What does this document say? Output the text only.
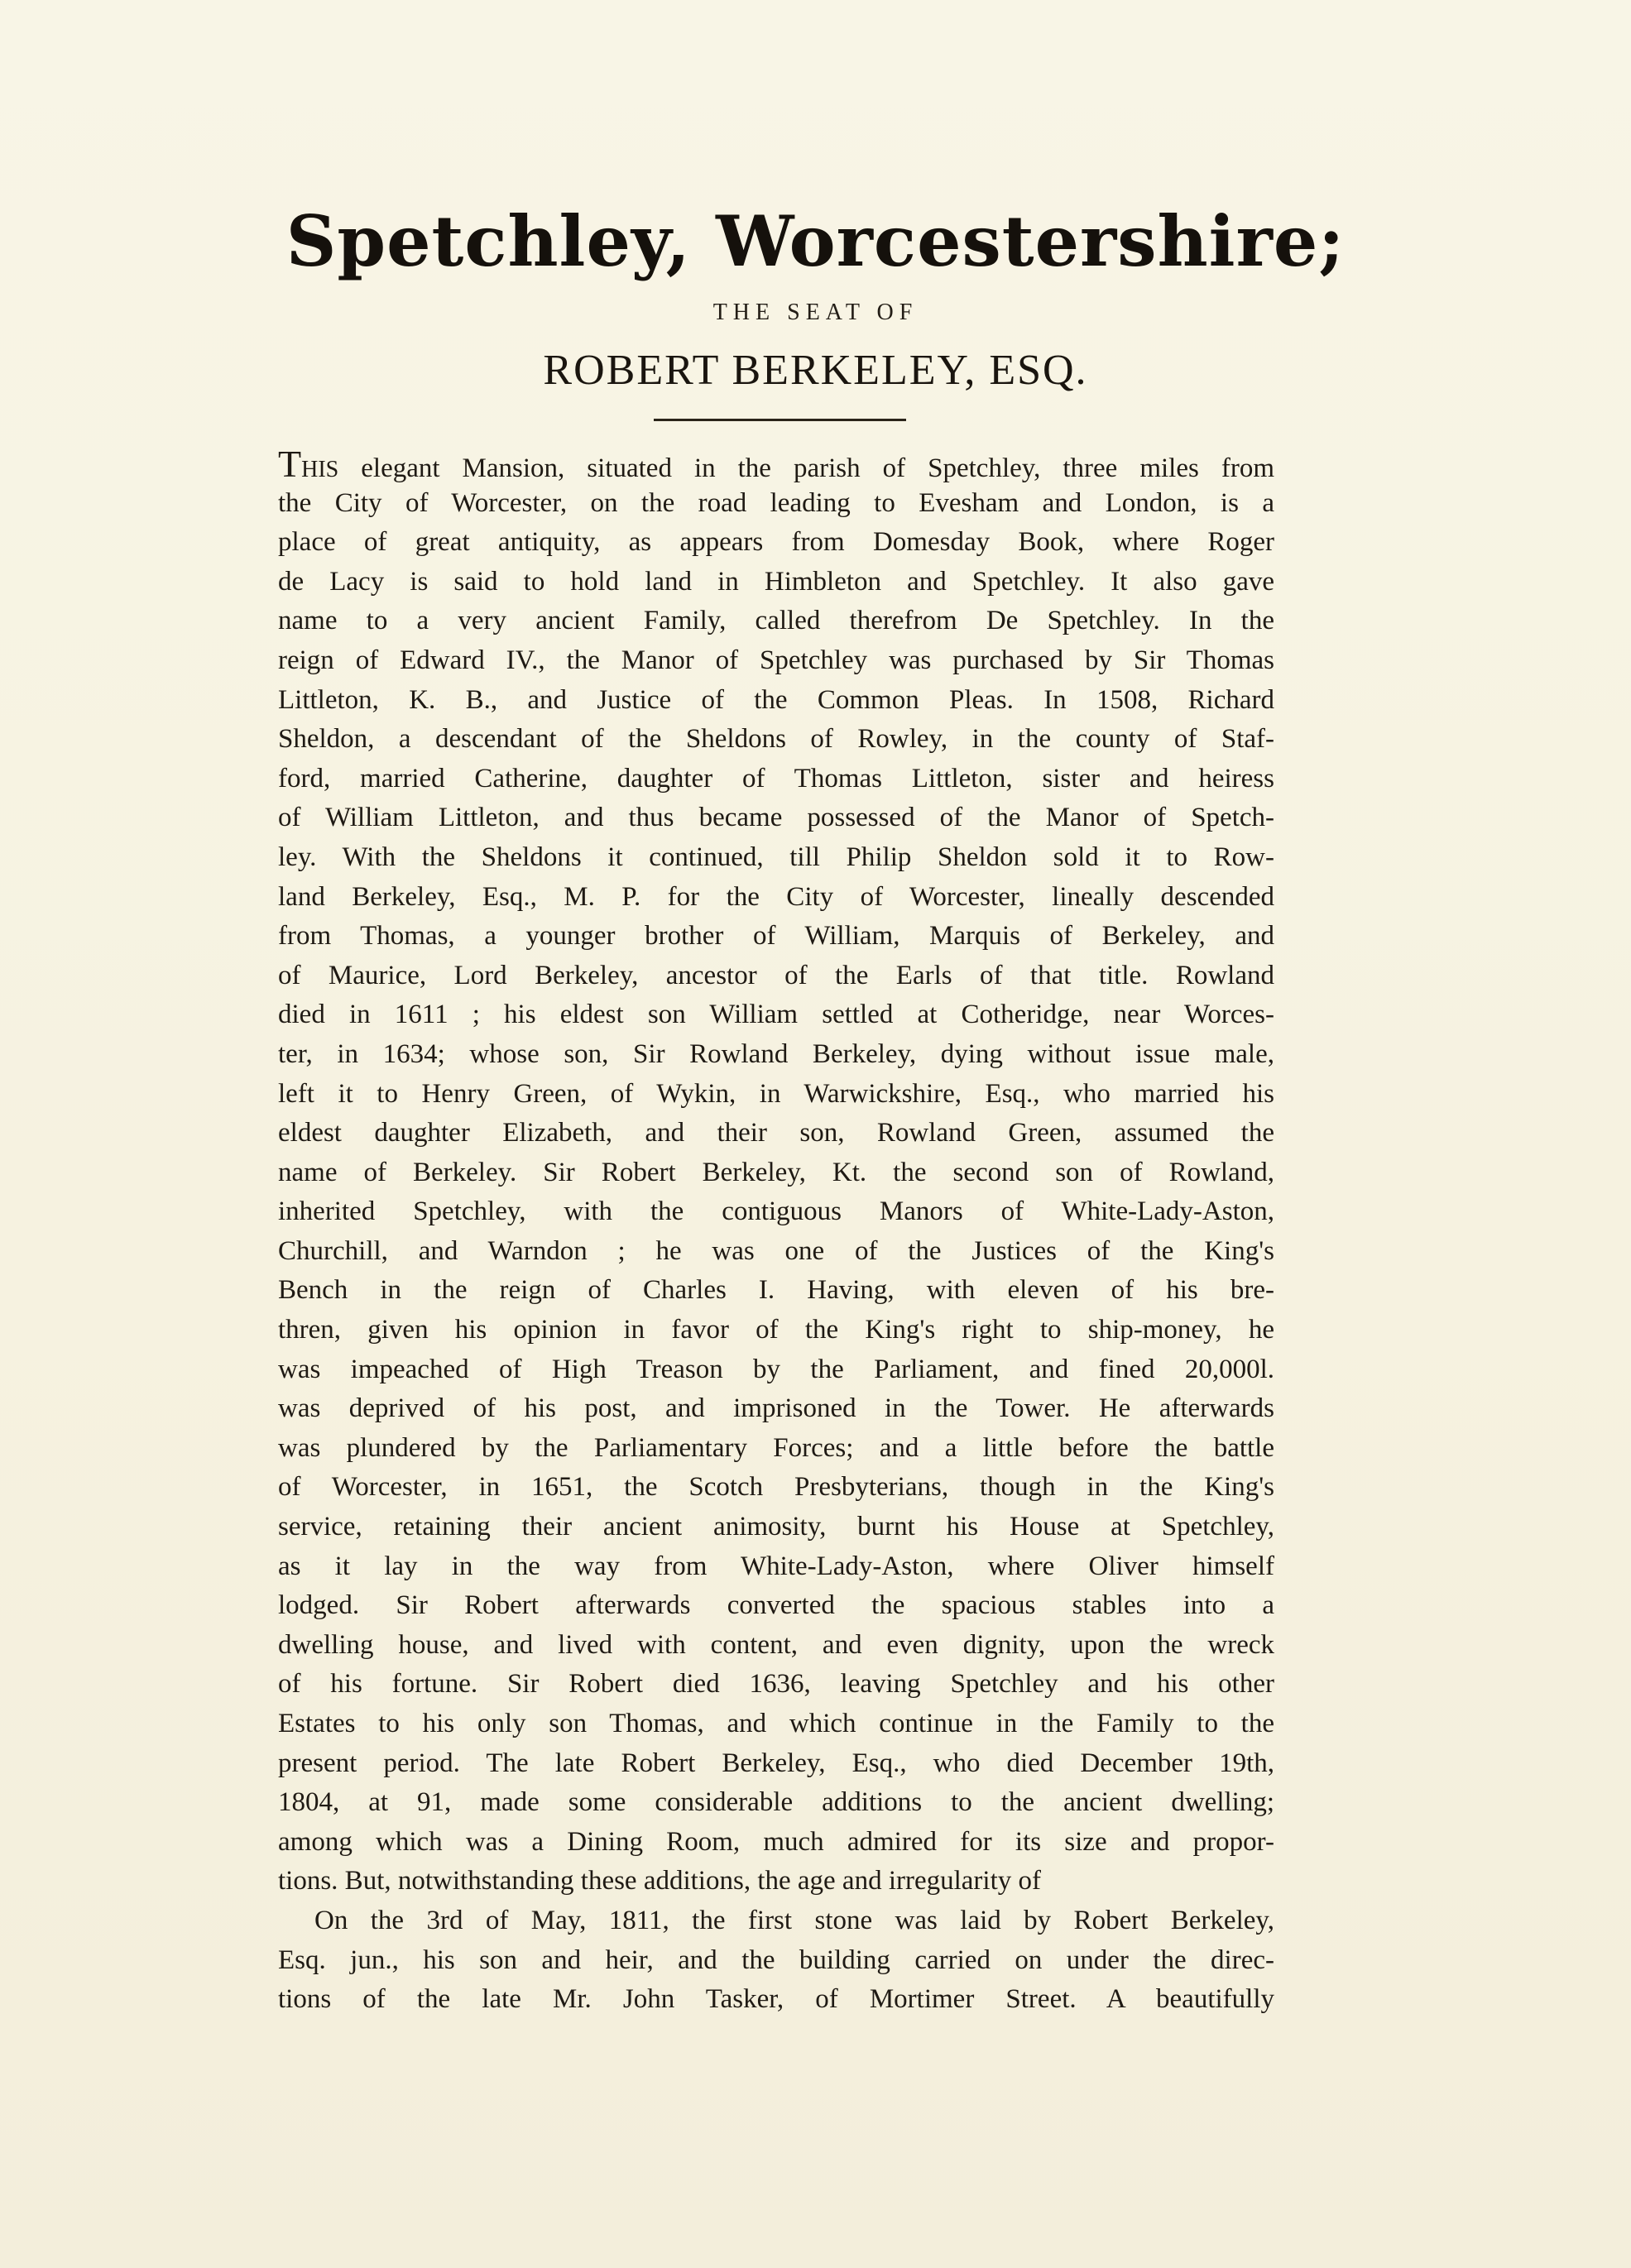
Spetchley, Worcestershire;
THE SEAT OF
ROBERT BERKELEY, ESQ.
THIS elegant Mansion, situated in the parish of Spetchley, three miles from
the City of Worcester, on the road leading to Evesham and London, is a
place of great antiquity, as appears from Domesday Book, where Roger
de Lacy is said to hold land in Himbleton and Spetchley. It also gave
name to a very ancient Family, called therefrom De Spetchley. In the
reign of Edward IV., the Manor of Spetchley was purchased by Sir Thomas
Littleton, K. B., and Justice of the Common Pleas. In 1508, Richard
Sheldon, a descendant of the Sheldons of Rowley, in the county of Staf-
ford, married Catherine, daughter of Thomas Littleton, sister and heiress
of William Littleton, and thus became possessed of the Manor of Spetch-
ley. With the Sheldons it continued, till Philip Sheldon sold it to Row-
land Berkeley, Esq., M. P. for the City of Worcester, lineally descended
from Thomas, a younger brother of William, Marquis of Berkeley, and
of Maurice, Lord Berkeley, ancestor of the Earls of that title. Rowland
died in 1611 ; his eldest son William settled at Cotheridge, near Worces-
ter, in 1634; whose son, Sir Rowland Berkeley, dying without issue male,
left it to Henry Green, of Wykin, in Warwickshire, Esq., who married his
eldest daughter Elizabeth, and their son, Rowland Green, assumed the
name of Berkeley. Sir Robert Berkeley, Kt. the second son of Rowland,
inherited Spetchley, with the contiguous Manors of White-Lady-Aston,
Churchill, and Warndon ; he was one of the Justices of the King's
Bench in the reign of Charles I. Having, with eleven of his bre-
thren, given his opinion in favor of the King's right to ship-money, he
was impeached of High Treason by the Parliament, and fined 20,000l.
was deprived of his post, and imprisoned in the Tower. He afterwards
was plundered by the Parliamentary Forces; and a little before the battle
of Worcester, in 1651, the Scotch Presbyterians, though in the King's
service, retaining their ancient animosity, burnt his House at Spetchley,
as it lay in the way from White-Lady-Aston, where Oliver himself
lodged. Sir Robert afterwards converted the spacious stables into a
dwelling house, and lived with content, and even dignity, upon the wreck
of his fortune. Sir Robert died 1636, leaving Spetchley and his other
Estates to his only son Thomas, and which continue in the Family to the
present period. The late Robert Berkeley, Esq., who died December 19th,
1804, at 91, made some considerable additions to the ancient dwelling;
among which was a Dining Room, much admired for its size and propor-
tions. But, notwithstanding these additions, the age and irregularity of
On the 3rd of May, 1811, the first stone was laid by Robert Berkeley,
Esq. jun., his son and heir, and the building carried on under the direc-
tions of the late Mr. John Tasker, of Mortimer Street. A beautifully
